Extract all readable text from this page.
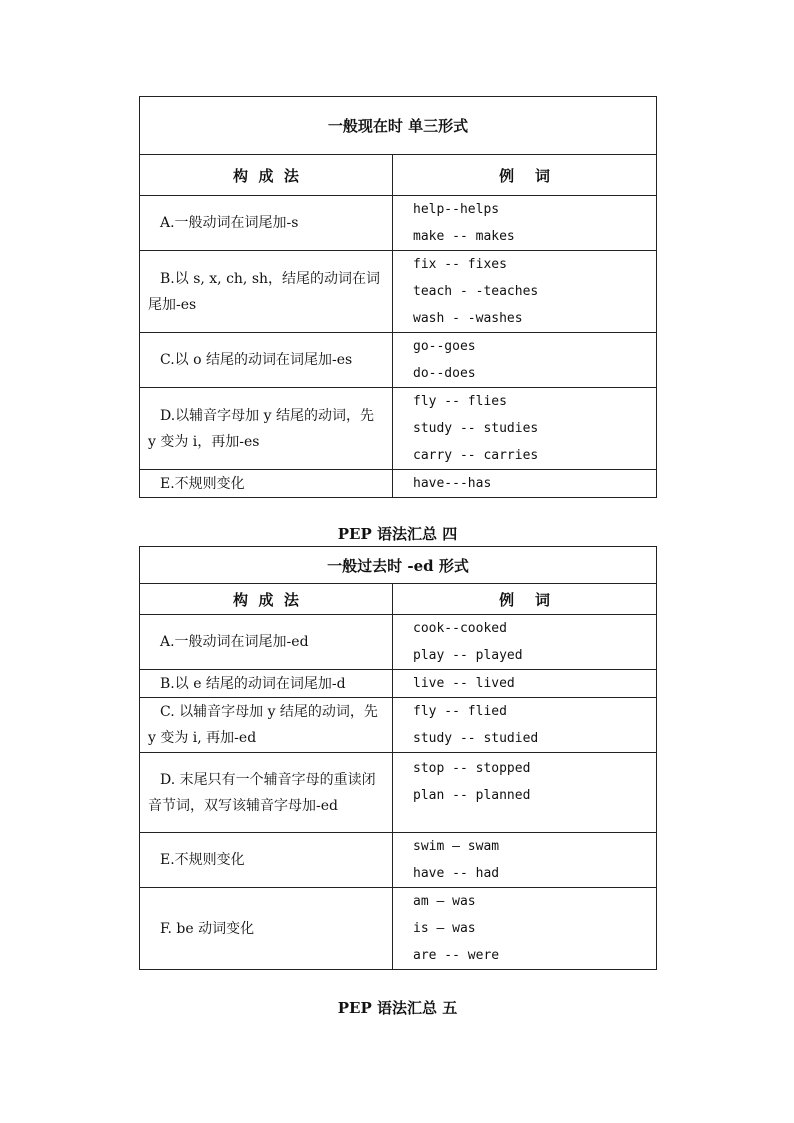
一般现在时 单三形式	
构  成  法	例    词
A.一般动词在词尾加-s	help--helps
make -- makes

B.以 s, x, ch, sh，结尾的动词在词尾加-es	fix -- fixes
teach - -teaches
wash - -washes

C.以 o 结尾的动词在词尾加-es	go--goes
do--does

D.以辅音字母加 y 结尾的动词，先 y 变为 i，再加-es	fly -- flies
study -- studies
carry -- carries

E.不规则变化	have---has
PEP 语法汇总 四
一般过去时 -ed 形式	
构  成  法	例    词
A.一般动词在词尾加-ed	cook--cooked
play -- played

B.以 e 结尾的动词在词尾加-d	live -- lived

C. 以辅音字母加 y 结尾的动词，先 y 变为 i, 再加-ed	fly -- flied
study -- studied

D. 末尾只有一个辅音字母的重读闭音节词，双写该辅音字母加-ed	stop -- stopped
plan -- planned

E.不规则变化	swim – swam
have -- had

F. be 动词变化	am – was
is – was
are -- were
PEP 语法汇总 五
